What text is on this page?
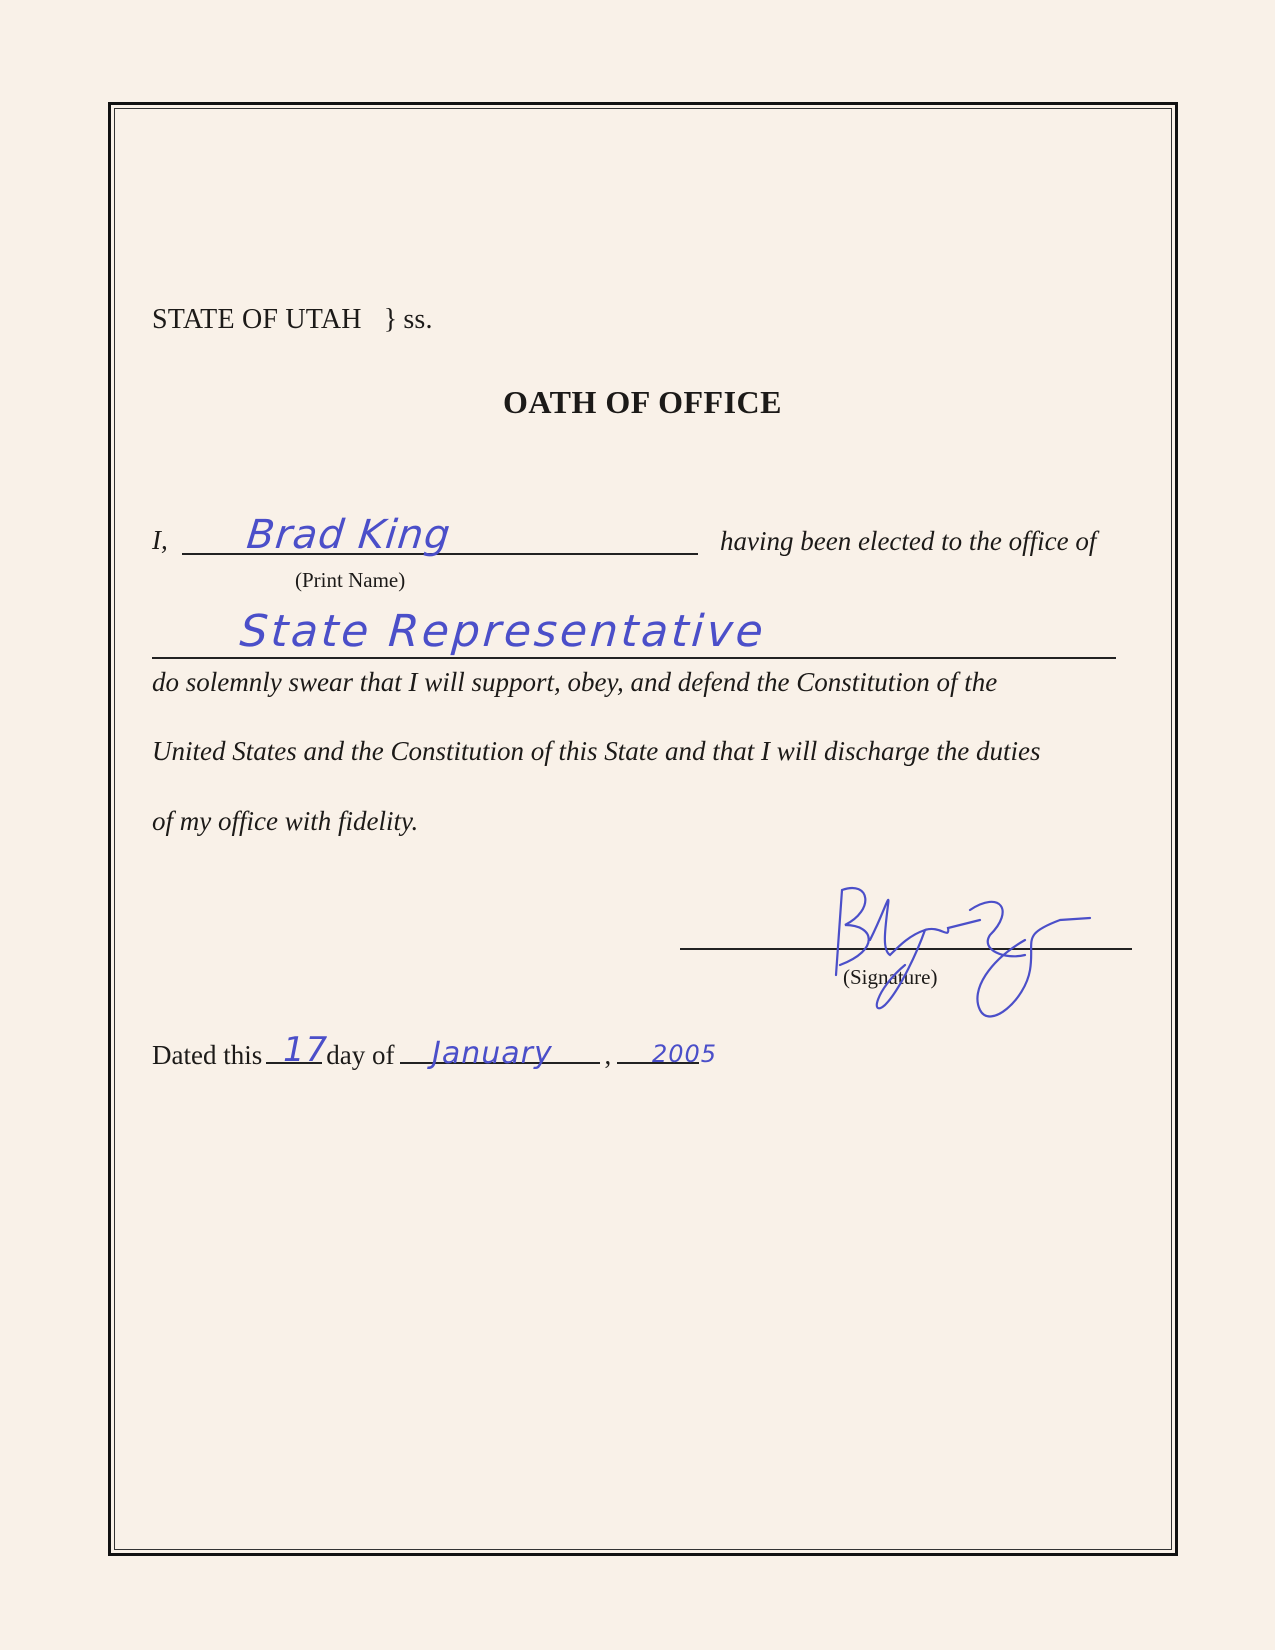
STATE OF UTAH } ss.
OATH OF OFFICE
I,	having been elected to the office of
(Print Name)
Brad King
State Representative
do solemnly swear that I will support, obey, and defend the Constitution of the
United States and the Constitution of this State and that I will discharge the duties
of my office with fidelity.
(Signature)
Dated this day of	,
17	January	2005
